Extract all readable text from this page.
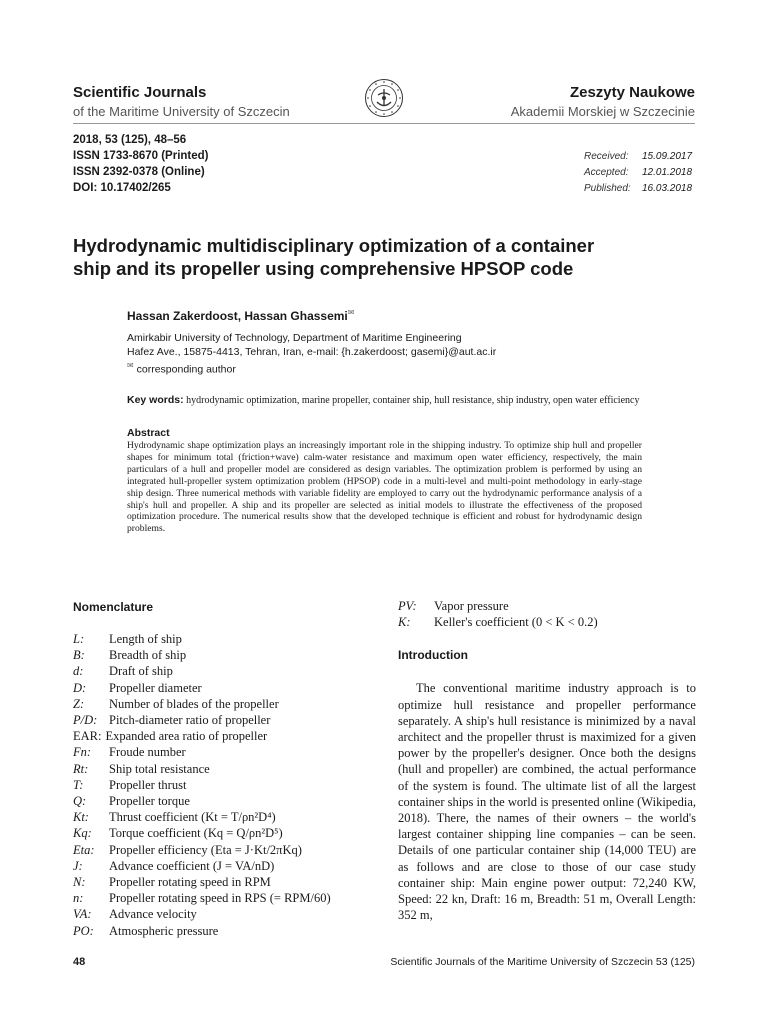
Scientific Journals
of the Maritime University of Szczecin
Zeszyty Naukowe
Akademii Morskiej w Szczecinie
2018, 53 (125), 48–56
ISSN 1733-8670 (Printed)
ISSN 2392-0378 (Online)
DOI: 10.17402/265
Received:	15.09.2017
Accepted:	12.01.2018
Published:	16.03.2018
Hydrodynamic multidisciplinary optimization of a container
ship and its propeller using comprehensive HPSOP code
Hassan Zakerdoost, Hassan Ghassemi✉
Amirkabir University of Technology, Department of Maritime Engineering
Hafez Ave., 15875-4413, Tehran, Iran, e-mail: {h.zakerdoost; gasemi}@aut.ac.ir
✉ corresponding author
Key words: hydrodynamic optimization, marine propeller, container ship, hull resistance, ship industry, open water efficiency
Abstract
Hydrodynamic shape optimization plays an increasingly important role in the shipping industry. To optimize ship hull and propeller shapes for minimum total (friction+wave) calm-water resistance and maximum open water efficiency, respectively, the main particulars of a hull and propeller model are considered as design variables. The optimization problem is performed by using an integrated hull-propeller system optimization problem (HPSOP) code in a multi-level and multi-point methodology in early-stage ship design. Three numerical methods with variable fidelity are employed to carry out the hydrodynamic performance analysis of a ship's hull and propeller. A ship and its propeller are selected as initial models to illustrate the effectiveness of the proposed optimization procedure. The numerical results show that the developed technique is efficient and robust for hydrodynamic design problems.
Nomenclature
L:	Length of ship
B:	Breadth of ship
d:	Draft of ship
D:	Propeller diameter
Z:	Number of blades of the propeller
P/D: Pitch-diameter ratio of propeller
EAR: Expanded area ratio of propeller
Fn:	Froude number
Rt:	Ship total resistance
T:	Propeller thrust
Q:	Propeller torque
Kt:	Thrust coefficient (Kt = T/ρn²D⁴)
Kq:	Torque coefficient (Kq = Q/ρn²D⁵)
Eta:	Propeller efficiency (Eta = J·Kt/2πKq)
J:	Advance coefficient (J = VA/nD)
N:	Propeller rotating speed in RPM
n:	Propeller rotating speed in RPS (= RPM/60)
VA:	Advance velocity
PO:	Atmospheric pressure
PV:	Vapor pressure
K:	Keller's coefficient (0 < K < 0.2)
Introduction

The conventional maritime industry approach is to optimize hull resistance and propeller performance separately. A ship's hull resistance is minimized by a naval architect and the propeller thrust is maximized for a given power by the propeller's designer. Once both the designs (hull and propeller) are combined, the actual performance of the system is found. The ultimate list of all the largest container ships in the world is presented online (Wikipedia, 2018). There, the names of their owners – the world's largest container shipping line companies – can be seen. Details of one particular container ship (14,000 TEU) are as follows and are close to those of our case study container ship: Main engine power output: 72,240 KW, Speed: 22 kn, Draft: 16 m, Breadth: 51 m, Overall Length: 352 m,

48	Scientific Journals of the Maritime University of Szczecin 53 (125)
